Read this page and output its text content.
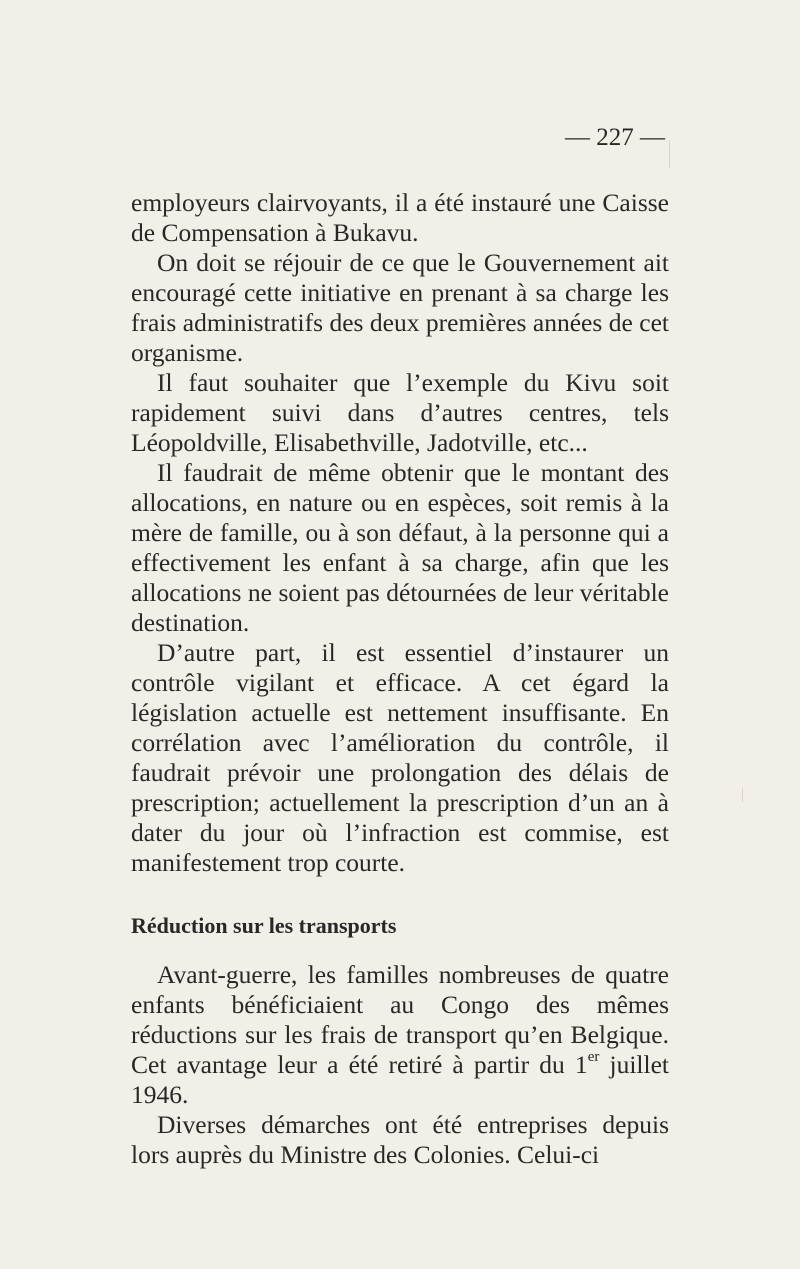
— 227 —

employeurs clairvoyants, il a été instauré une Caisse de Compensation à Bukavu.

On doit se réjouir de ce que le Gouvernement ait encouragé cette initiative en prenant à sa charge les frais administratifs des deux premières années de cet organisme.

Il faut souhaiter que l’exemple du Kivu soit rapidement suivi dans d’autres centres, tels Léopoldville, Elisabethville, Jadotville, etc...

Il faudrait de même obtenir que le montant des allocations, en nature ou en espèces, soit remis à la mère de famille, ou à son défaut, à la personne qui a effectivement les enfant à sa charge, afin que les allocations ne soient pas détournées de leur véritable destination.

D’autre part, il est essentiel d’instaurer un contrôle vigilant et efficace. A cet égard la législation actuelle est nettement insuffisante. En corrélation avec l’amélioration du contrôle, il faudrait prévoir une prolongation des délais de prescription; actuellement la prescription d’un an à dater du jour où l’infraction est commise, est manifestement trop courte.

Réduction sur les transports

Avant-guerre, les familles nombreuses de quatre enfants bénéficiaient au Congo des mêmes réductions sur les frais de transport qu’en Belgique. Cet avantage leur a été retiré à partir du 1er juillet 1946.

Diverses démarches ont été entreprises depuis lors auprès du Ministre des Colonies. Celui-ci
